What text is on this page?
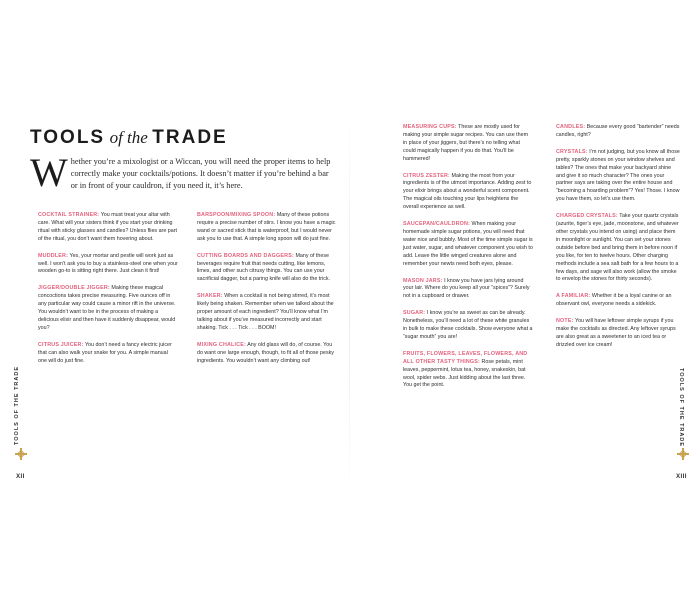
TOOLS of the TRADE
W hether you’re a mixologist or a Wiccan, you will need the proper items to help correctly make your cocktails/potions. It doesn’t matter if you’re behind a bar or in front of your cauldron, if you need it, it’s here.

COCKTAIL STRAINER: You must treat your altar with care. What will your sisters think if you start your drinking ritual with sticky glasses and candles? Unless flies are part of the ritual, you don’t want them hovering about.

MUDDLER: Yes, your mortar and pestle will work just as well. I won’t ask you to buy a stainless-steel one when your wooden go-to is sitting right there. Just clean it first!

JIGGER/DOUBLE JIGGER: Making these magical concoctions takes precise measuring. Five ounces off in any particular way could cause a minor rift in the universe. You wouldn’t want to be in the process of making a delicious elixir and then have it suddenly disappear, would you?

CITRUS JUICER: You don’t need a fancy electric juicer that can also walk your snake for you. A simple manual one will do just fine.

BARSPOON/MIXING SPOON: Many of these potions require a precise number of stirs. I know you have a magic wand or sacred stick that is waterproof, but I would never ask you to use that. A simple long spoon will do just fine.

CUTTING BOARDS AND DAGGERS: Many of these beverages require fruit that needs cutting, like lemons, limes, and other such citrusy things. You can use your sacrificial dagger, but a paring knife will also do the trick.

SHAKER: When a cocktail is not being stirred, it’s most likely being shaken. Remember when we talked about the proper amount of each ingredient? You’ll know what I’m talking about if you’ve measured incorrectly and start shaking. Tick . . . Tick . . . BOOM!

MIXING CHALICE: Any old glass will do, of course. You do want one large enough, though, to fit all of those pesky ingredients. You wouldn’t want any climbing out!

TOOLS OF THE TRADE
XII

MEASURING CUPS: These are mostly used for making your simple sugar recipes. You can use them in place of your jiggers, but there’s no telling what could magically happen if you do that. You’ll be hammered!

CITRUS ZESTER: Making the most from your ingredients is of the utmost importance. Adding zest to your elixir brings about a wonderful scent component. The magical oils touching your lips heightens the overall experience as well.

SAUCEPAN/CAULDRON: When making your homemade simple sugar potions, you will need that water nice and bubbly. Most of the time simple sugar is just water, sugar, and whatever component you wish to add. Leave the little winged creatures alone and remember your newts need both eyes, please.

MASON JARS: I know you have jars lying around your lair. Where do you keep all your “spices”? Surely not in a cupboard or drawer.

SUGAR: I know you’re as sweet as can be already. Nonetheless, you’ll need a lot of these white granules in bulk to make these cocktails. Show everyone what a “sugar mouth” you are!

FRUITS, FLOWERS, LEAVES, FLOWERS, AND ALL OTHER TASTY THINGS: Rose petals, mint leaves, peppermint, lotus tea, honey, snakeskin, bat wool, spider webs. Just kidding about the last three. You get the point.

CANDLES: Because every good “bartender” needs candles, right?

CRYSTALS: I’m not judging, but you know all those pretty, sparkly stones on your window shelves and tables? The ones that make your backyard shine and give it so much character? The ones your partner says are taking over the entire house and “becoming a hoarding problem”? Yes! Those. I know you have them, so let’s use them.

CHARGED CRYSTALS: Take your quartz crystals (azurite, tiger’s eye, jade, moonstone, and whatever other crystals you intend on using) and place them in moonlight or sunlight. You can set your stones outside before bed and bring them in before noon if you like, for ten to twelve hours. Other charging methods include a sea salt bath for a few hours to a few days, and sage will also work (allow the smoke to envelop the stones for thirty seconds).

A FAMILIAR: Whether it be a loyal canine or an observant owl, everyone needs a sidekick.

NOTE: You will have leftover simple syrups if you make the cocktails as directed. Any leftover syrups are also great as a sweetener to an iced tea or drizzled over ice cream!

TOOLS OF THE TRADE
XIII
